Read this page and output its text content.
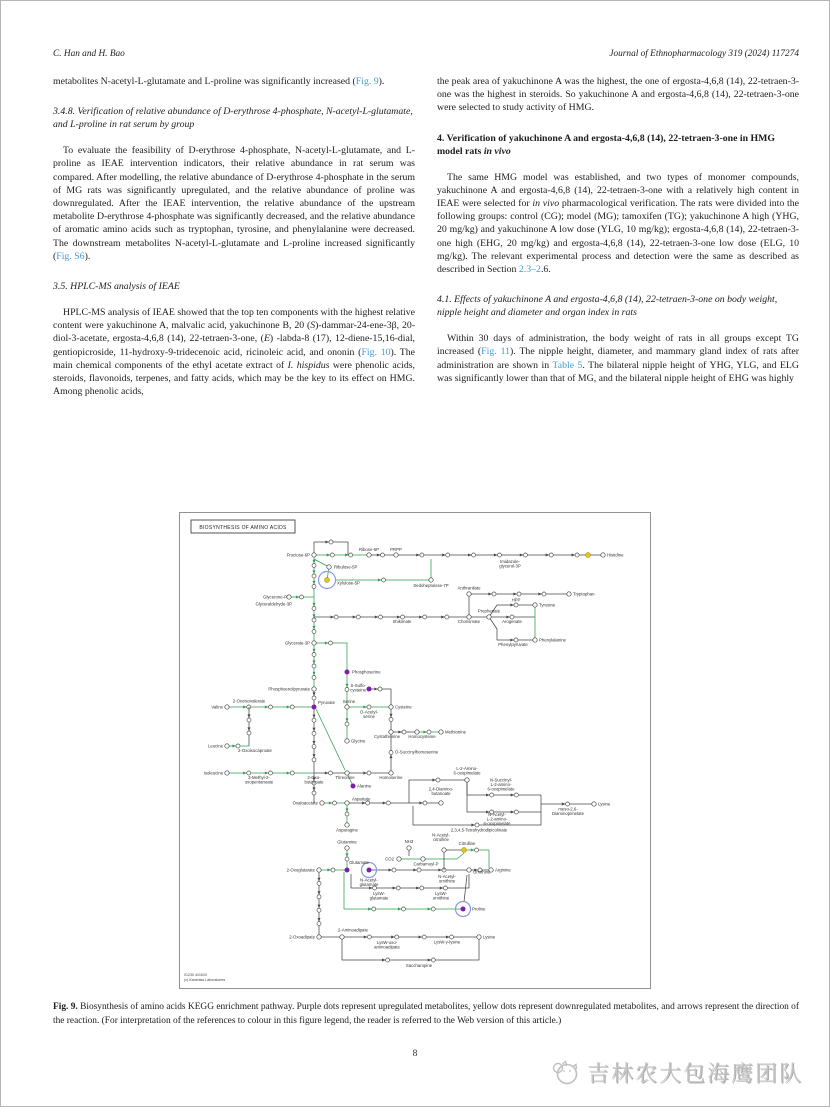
C. Han and H. Bao	Journal of Ethnopharmacology 319 (2024) 117274

metabolites N-acetyl-L-glutamate and L-proline was significantly increased (Fig. 9).

3.4.8. Verification of relative abundance of D-erythrose 4-phosphate, N-acetyl-L-glutamate, and L-proline in rat serum by group

To evaluate the feasibility of D-erythrose 4-phosphate, N-acetyl-L-glutamate, and L-proline as IEAE intervention indicators, their relative abundance in rat serum was compared. After modelling, the relative abundance of D-erythrose 4-phosphate in the serum of MG rats was significantly upregulated, and the relative abundance of proline was downregulated. After the IEAE intervention, the relative abundance of the upstream metabolite D-erythrose 4-phosphate was significantly decreased, and the relative abundance of aromatic amino acids such as tryptophan, tyrosine, and phenylalanine were decreased. The downstream metabolites N-acetyl-L-glutamate and L-proline increased significantly (Fig. S6).

3.5. HPLC-MS analysis of IEAE

HPLC-MS analysis of IEAE showed that the top ten components with the highest relative content were yakuchinone A, malvalic acid, yakuchinone B, 20 (S)-dammar-24-ene-3β, 20-diol-3-acetate, ergosta-4,6,8 (14), 22-tetraen-3-one, (E) -labda-8 (17), 12-diene-15,16-dial, gentiopicroside, 11-hydroxy-9-tridecenoic acid, ricinoleic acid, and ononin (Fig. 10). The main chemical components of the ethyl acetate extract of I. hispidus were phenolic acids, steroids, flavonoids, terpenes, and fatty acids, which may be the key to its effect on HMG. Among phenolic acids,

the peak area of yakuchinone A was the highest, the one of ergosta-4,6,8 (14), 22-tetraen-3-one was the highest in steroids. So yakuchinone A and ergosta-4,6,8 (14), 22-tetraen-3-one were selected to study activity of HMG.

4. Verification of yakuchinone A and ergosta-4,6,8 (14), 22-tetraen-3-one in HMG model rats in vivo

The same HMG model was established, and two types of monomer compounds, yakuchinone A and ergosta-4,6,8 (14), 22-tetraen-3-one with a relatively high content in IEAE were selected for in vivo pharmacological verification. The rats were divided into the following groups: control (CG); model (MG); tamoxifen (TG); yakuchinone A high (YHG, 20 mg/kg) and yakuchinone A low dose (YLG, 10 mg/kg); ergosta-4,6,8 (14), 22-tetraen-3-one high (EHG, 20 mg/kg) and ergosta-4,6,8 (14), 22-tetraen-3-one low dose (ELG, 10 mg/kg). The relevant experimental process and detection were the same as described as described in Section 2.3–2.6.

4.1. Effects of yakuchinone A and ergosta-4,6,8 (14), 22-tetraen-3-one on body weight, nipple height and diameter and organ index in rats

Within 30 days of administration, the body weight of rats in all groups except TG increased (Fig. 11). The nipple height, diameter, and mammary gland index of rats after administration are shown in Table 5. The bilateral nipple height of YHG, YLG, and ELG was significantly lower than that of MG, and the bilateral nipple height of EHG was highly

Fructose-6P
Ribose-5P	PRPP
Histidine
Imidazole-glycerol-3P
Ribulose-5P
Xylulose-5P	Sedoheptulose-7P Anthranilate
Tryptophan
HPP
Tyrosine
Prephenate
Arogenate
Shikimate	Chorismate
Phenylalanine
Phenylpyruvate
Glycerone-P
Glyceraldehyde-3P
Glycerate-3P
Phosphoserine
S-Sulfo-cysteine
Phosphoenolpyruvate
Pyruvate
Valine
2-Oxoisovalerate	Serine
O-Acetyl-serine
Cysteine
Leucine
2-Oxoisocaproate
Glycine
Cystathionine Homocysteine
Methionine
O-Succinylhomoserine
Isoleucine
3-Methyl-2-oxopentanoate
2-Oxo-butanoate
Threonine	Homoserine
Alanine
Oxaloacetate
Aspartate
2,4-Diamino-butanoate
L-2-Amino-6-oxopimelate
N-Succinyl-L-2-amino-6-oxopimelate
N-Acetyl-L-2-amino-6-oxopimelate
meso-2,6-Diaminopimelate
Lysine
2,3,4,5-Tetrahydrodipicolinate
Asparagine
Glutamine	NH3
CO2
Carbamoyl-P
N-Acetyl-citrulline
Citrulline
2-Oxoglutarate
Glutamate
N-Acetyl-glutamate
N-Acetyl-ornithine
Ornithine Arginine
LysW-glutamate
LysW-ornithine
Proline
2-Oxoadipate
2-Aminoadipate
LysW-oxo-aminoadipate
LysW-γ-lysine
Lysine
Saccharopine
BIOSYNTHESIS OF AMINO ACIDS
01230 4/24/20
(c) Kanehisa Laboratories

Fig. 9. Biosynthesis of amino acids KEGG enrichment pathway. Purple dots represent upregulated metabolites, yellow dots represent downregulated metabolites, and arrows represent the direction of the reaction. (For interpretation of the references to colour in this figure legend, the reader is referred to the Web version of this article.)

8
吉林农大包海鹰团队
